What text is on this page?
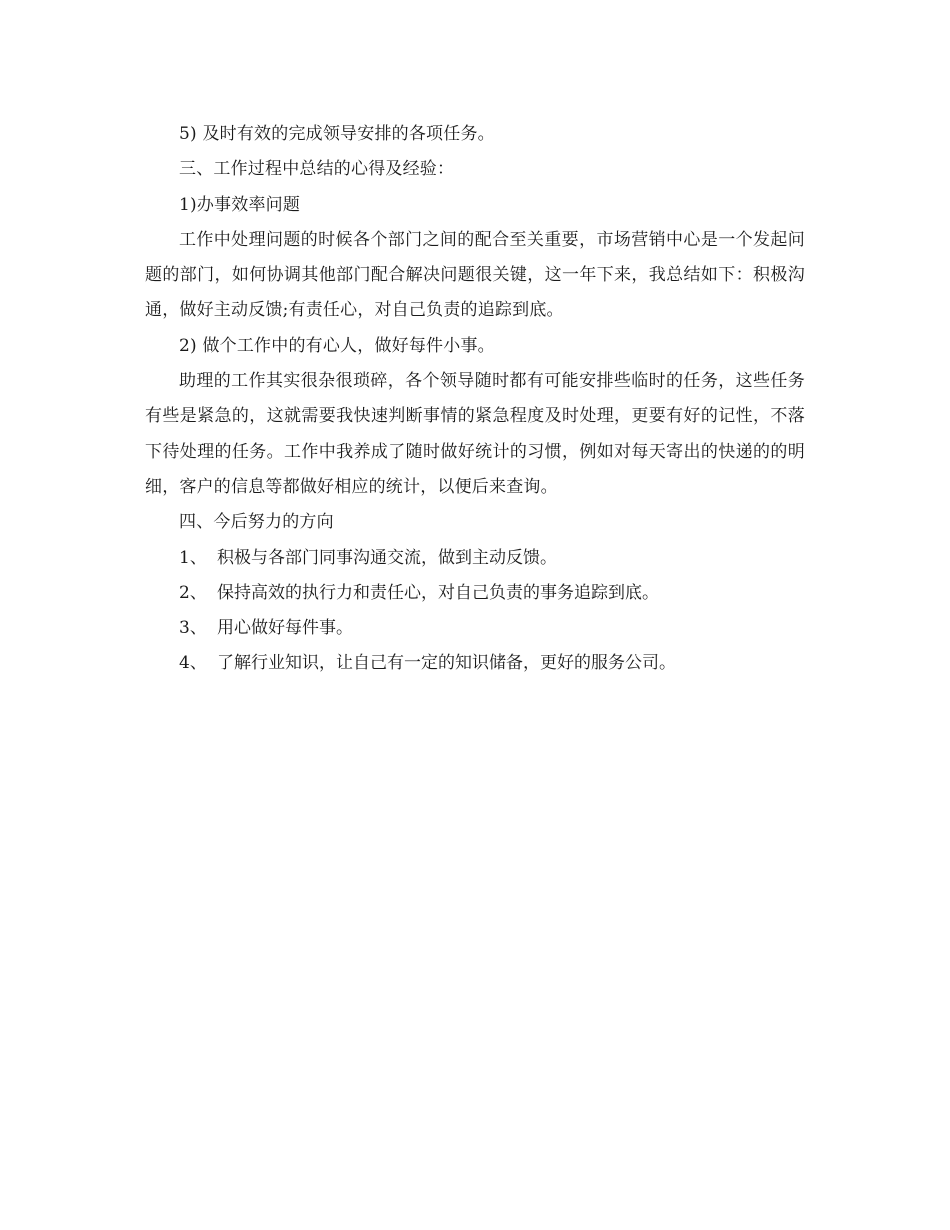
5) 及时有效的完成领导安排的各项任务。

三、工作过程中总结的心得及经验：

1)办事效率问题

工作中处理问题的时候各个部门之间的配合至关重要，市场营销中心是一个发起问题的部门，如何协调其他部门配合解决问题很关键，这一年下来，我总结如下：积极沟通，做好主动反馈;有责任心，对自己负责的追踪到底。

2) 做个工作中的有心人，做好每件小事。

助理的工作其实很杂很琐碎，各个领导随时都有可能安排些临时的任务，这些任务有些是紧急的，这就需要我快速判断事情的紧急程度及时处理，更要有好的记性，不落下待处理的任务。工作中我养成了随时做好统计的习惯，例如对每天寄出的快递的的明细，客户的信息等都做好相应的统计，以便后来查询。

四、今后努力的方向

1、 积极与各部门同事沟通交流，做到主动反馈。
2、 保持高效的执行力和责任心，对自己负责的事务追踪到底。
3、 用心做好每件事。
4、 了解行业知识，让自己有一定的知识储备，更好的服务公司。
